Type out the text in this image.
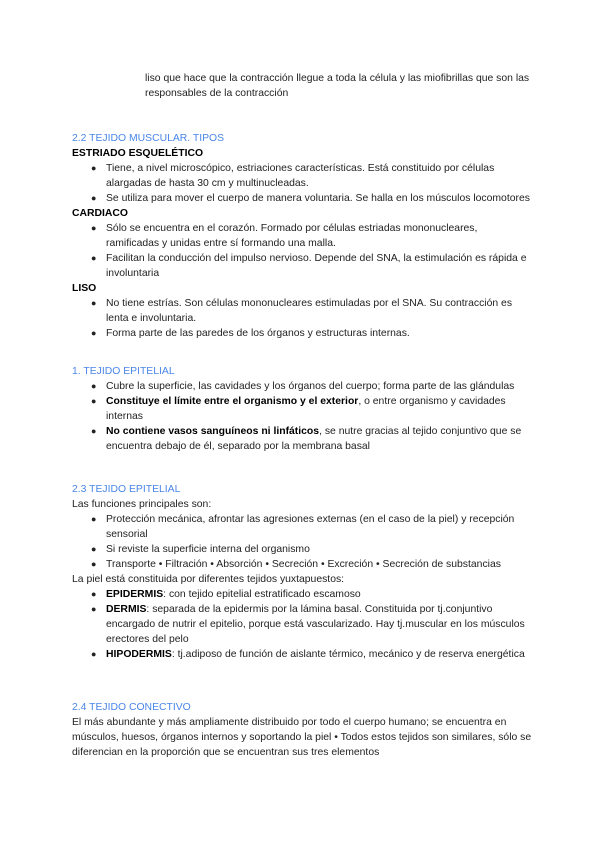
liso que hace que la contracción llegue a toda la célula y las miofibrillas que son las responsables de la contracción

2.2 TEJIDO MUSCULAR. TIPOS

ESTRIADO ESQUELÉTICO

● Tiene, a nivel microscópico, estriaciones características. Está constituido por células alargadas de hasta 30 cm y multinucleadas.
● Se utiliza para mover el cuerpo de manera voluntaria. Se halla en los músculos locomotores

CARDIACO

● Sólo se encuentra en el corazón. Formado por células estriadas mononucleares, ramificadas y unidas entre sí formando una malla.
● Facilitan la conducción del impulso nervioso. Depende del SNA, la estimulación es rápida e involuntaria

LISO

● No tiene estrías. Son células mononucleares estimuladas por el SNA. Su contracción es lenta e involuntaria.
● Forma parte de las paredes de los órganos y estructuras internas.

1. TEJIDO EPITELIAL

● Cubre la superficie, las cavidades y los órganos del cuerpo; forma parte de las glándulas
● Constituye el límite entre el organismo y el exterior, o entre organismo y cavidades internas
● No contiene vasos sanguíneos ni linfáticos, se nutre gracias al tejido conjuntivo que se encuentra debajo de él, separado por la membrana basal

2.3 TEJIDO EPITELIAL

Las funciones principales son:

● Protección mecánica, afrontar las agresiones externas (en el caso de la piel) y recepción sensorial
● Si reviste la superficie interna del organismo
● Transporte • Filtración • Absorción • Secreción • Excreción • Secreción de substancias

La piel está constituida por diferentes tejidos yuxtapuestos:

● EPIDERMIS: con tejido epitelial estratificado escamoso
● DERMIS: separada de la epidermis por la lámina basal. Constituida por tj.conjuntivo encargado de nutrir el epitelio, porque está vascularizado. Hay tj.muscular en los músculos erectores del pelo
● HIPODERMIS: tj.adiposo de función de aislante térmico, mecánico y de reserva energética

2.4 TEJIDO CONECTIVO

El más abundante y más ampliamente distribuido por todo el cuerpo humano; se encuentra en músculos, huesos, órganos internos y soportando la piel • Todos estos tejidos son similares, sólo se diferencian en la proporción que se encuentran sus tres elementos
